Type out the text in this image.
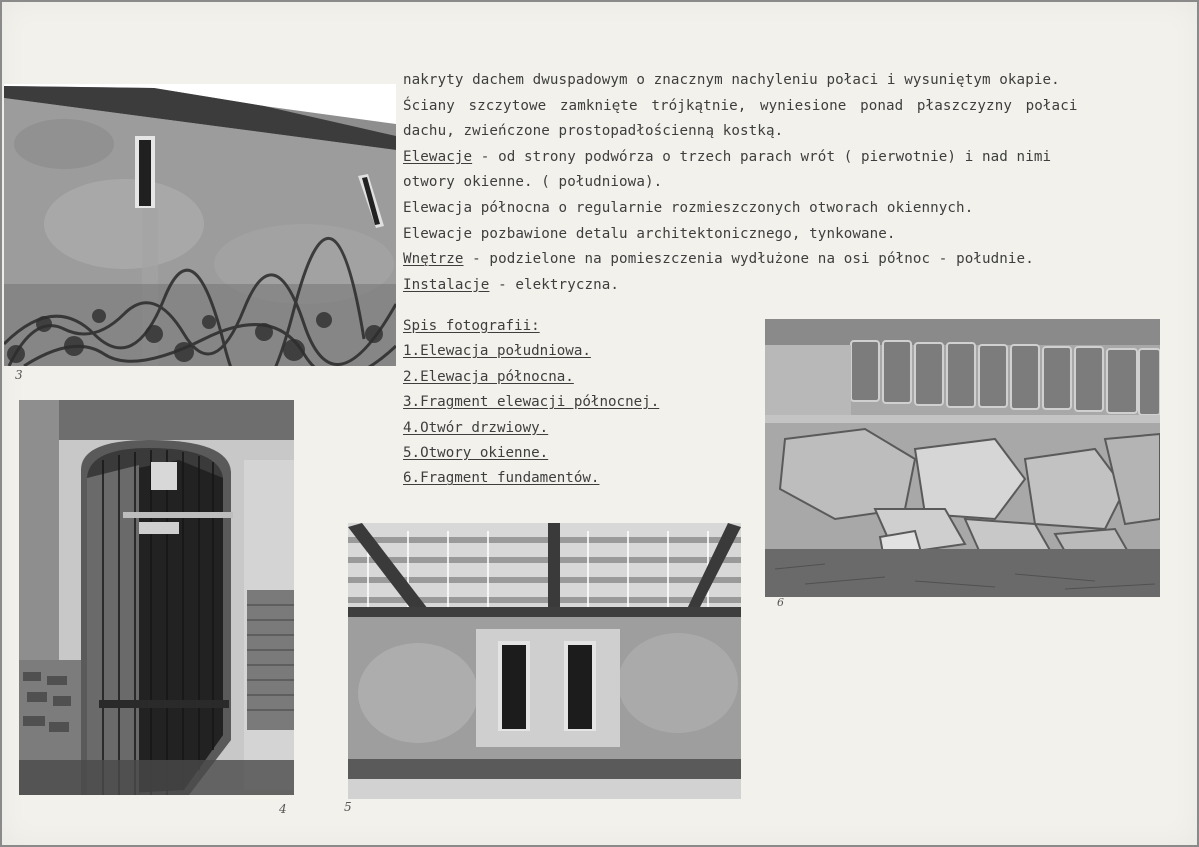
3
4	5
6

nakryty dachem dwuspadowym o znacznym nachyleniu połaci i wysuniętym okapie.

Ściany szczytowe zamknięte trójkątnie, wyniesione ponad płaszczyzny połaci

dachu, zwieńczone prostopadłościenną kostką.

Elewacje - od strony podwórza o trzech parach wrót ( pierwotnie) i nad nimi

otwory okienne. ( południowa).

Elewacja północna o regularnie rozmieszczonych otworach okiennych.

Elewacje pozbawione detalu architektonicznego, tynkowane.

Wnętrze - podzielone na pomieszczenia wydłużone na osi północ - południe.

Instalacje - elektryczna.

Spis fotografii:
1.Elewacja południowa.
2.Elewacja północna.
3.Fragment elewacji północnej.
4.Otwór drzwiowy.
5.Otwory okienne.
6.Fragment fundamentów.
